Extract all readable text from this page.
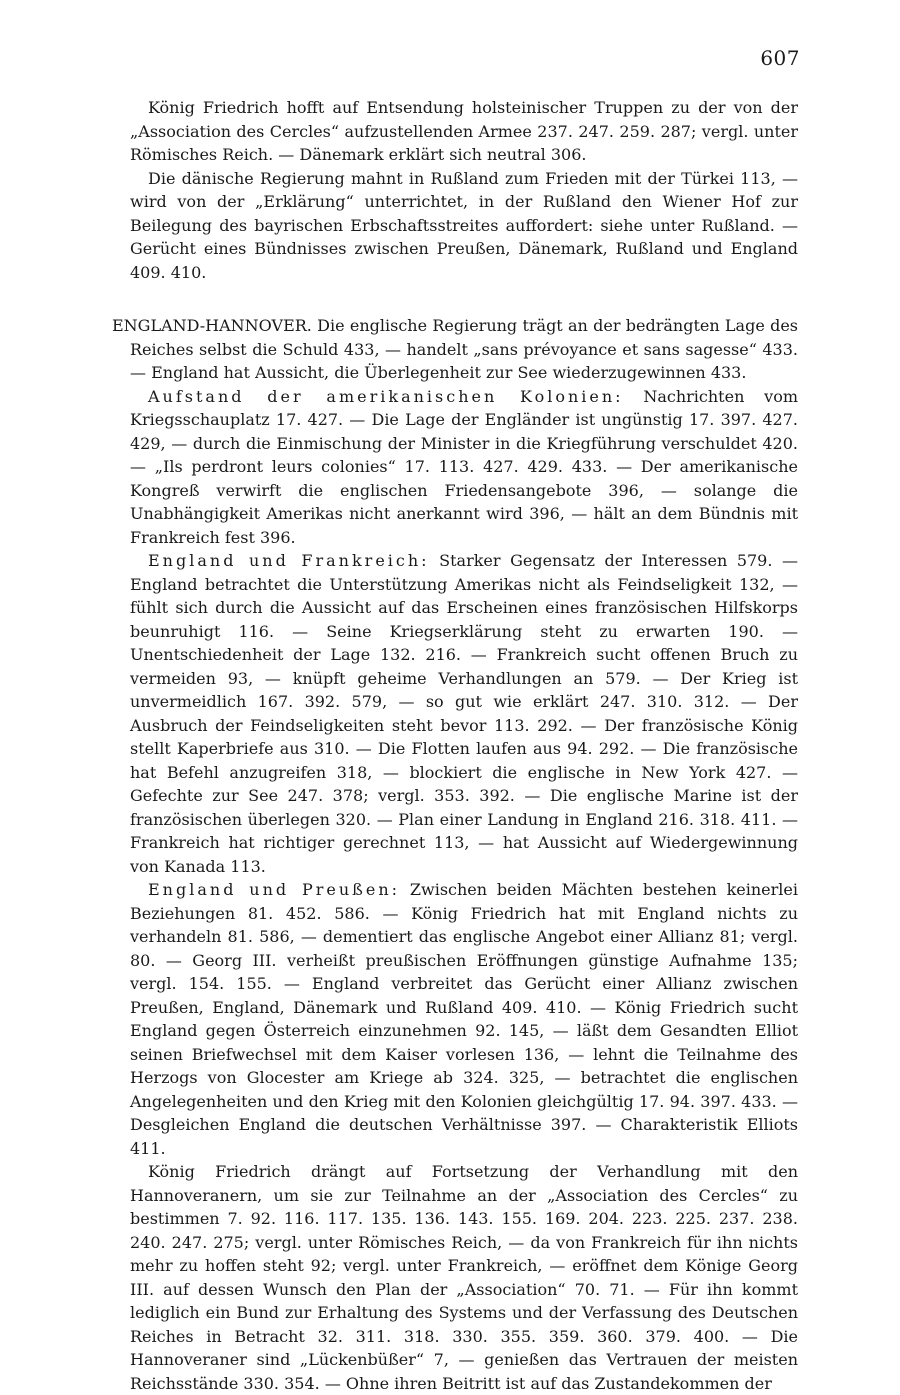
607

König Friedrich hofft auf Entsendung holsteinischer Truppen zu der von der „Association des Cercles“ aufzustellenden Armee 237. 247. 259. 287; vergl. unter Römisches Reich. — Dänemark erklärt sich neutral 306.

Die dänische Regierung mahnt in Rußland zum Frieden mit der Türkei 113, — wird von der „Erklärung“ unterrichtet, in der Rußland den Wiener Hof zur Beilegung des bayrischen Erbschaftsstreites auffordert: siehe unter Rußland. — Gerücht eines Bündnisses zwischen Preußen, Dänemark, Rußland und England 409. 410.

ENGLAND-HANNOVER. Die englische Regierung trägt an der bedrängten Lage des Reiches selbst die Schuld 433, — handelt „sans prévoyance et sans sagesse“ 433. — England hat Aussicht, die Überlegenheit zur See wiederzugewinnen 433.

Aufstand der amerikanischen Kolonien: Nachrichten vom Kriegsschauplatz 17. 427. — Die Lage der Engländer ist ungünstig 17. 397. 427. 429, — durch die Einmischung der Minister in die Kriegführung verschuldet 420. — „Ils perdront leurs colonies“ 17. 113. 427. 429. 433. — Der amerikanische Kongreß verwirft die englischen Friedensangebote 396, — solange die Unabhängigkeit Amerikas nicht anerkannt wird 396, — hält an dem Bündnis mit Frankreich fest 396.

England und Frankreich: Starker Gegensatz der Interessen 579. — England betrachtet die Unterstützung Amerikas nicht als Feindseligkeit 132, — fühlt sich durch die Aussicht auf das Erscheinen eines französischen Hilfskorps beunruhigt 116. — Seine Kriegserklärung steht zu erwarten 190. — Unentschiedenheit der Lage 132. 216. — Frankreich sucht offenen Bruch zu vermeiden 93, — knüpft geheime Verhandlungen an 579. — Der Krieg ist unvermeidlich 167. 392. 579, — so gut wie erklärt 247. 310. 312. — Der Ausbruch der Feindseligkeiten steht bevor 113. 292. — Der französische König stellt Kaperbriefe aus 310. — Die Flotten laufen aus 94. 292. — Die französische hat Befehl anzugreifen 318, — blockiert die englische in New York 427. — Gefechte zur See 247. 378; vergl. 353. 392. — Die englische Marine ist der französischen überlegen 320. — Plan einer Landung in England 216. 318. 411. — Frankreich hat richtiger gerechnet 113, — hat Aussicht auf Wiedergewinnung von Kanada 113.

England und Preußen: Zwischen beiden Mächten bestehen keinerlei Beziehungen 81. 452. 586. — König Friedrich hat mit England nichts zu verhandeln 81. 586, — dementiert das englische Angebot einer Allianz 81; vergl. 80. — Georg III. verheißt preußischen Eröffnungen günstige Aufnahme 135; vergl. 154. 155. — England verbreitet das Gerücht einer Allianz zwischen Preußen, England, Dänemark und Rußland 409. 410. — König Friedrich sucht England gegen Österreich einzunehmen 92. 145, — läßt dem Gesandten Elliot seinen Briefwechsel mit dem Kaiser vorlesen 136, — lehnt die Teilnahme des Herzogs von Glocester am Kriege ab 324. 325, — betrachtet die englischen Angelegenheiten und den Krieg mit den Kolonien gleichgültig 17. 94. 397. 433. — Desgleichen England die deutschen Verhältnisse 397. — Charakteristik Elliots 411.

König Friedrich drängt auf Fortsetzung der Verhandlung mit den Hannoveranern, um sie zur Teilnahme an der „Association des Cercles“ zu bestimmen 7. 92. 116. 117. 135. 136. 143. 155. 169. 204. 223. 225. 237. 238. 240. 247. 275; vergl. unter Römisches Reich, — da von Frankreich für ihn nichts mehr zu hoffen steht 92; vergl. unter Frankreich, — eröffnet dem Könige Georg III. auf dessen Wunsch den Plan der „Association“ 70. 71. — Für ihn kommt lediglich ein Bund zur Erhaltung des Systems und der Verfassung des Deutschen Reiches in Betracht 32. 311. 318. 330. 355. 359. 360. 379. 400. — Die Hannoveraner sind „Lückenbüßer“ 7, — genießen das Vertrauen der meisten Reichsstände 330. 354. — Ohne ihren Beitritt ist auf das Zustandekommen der
